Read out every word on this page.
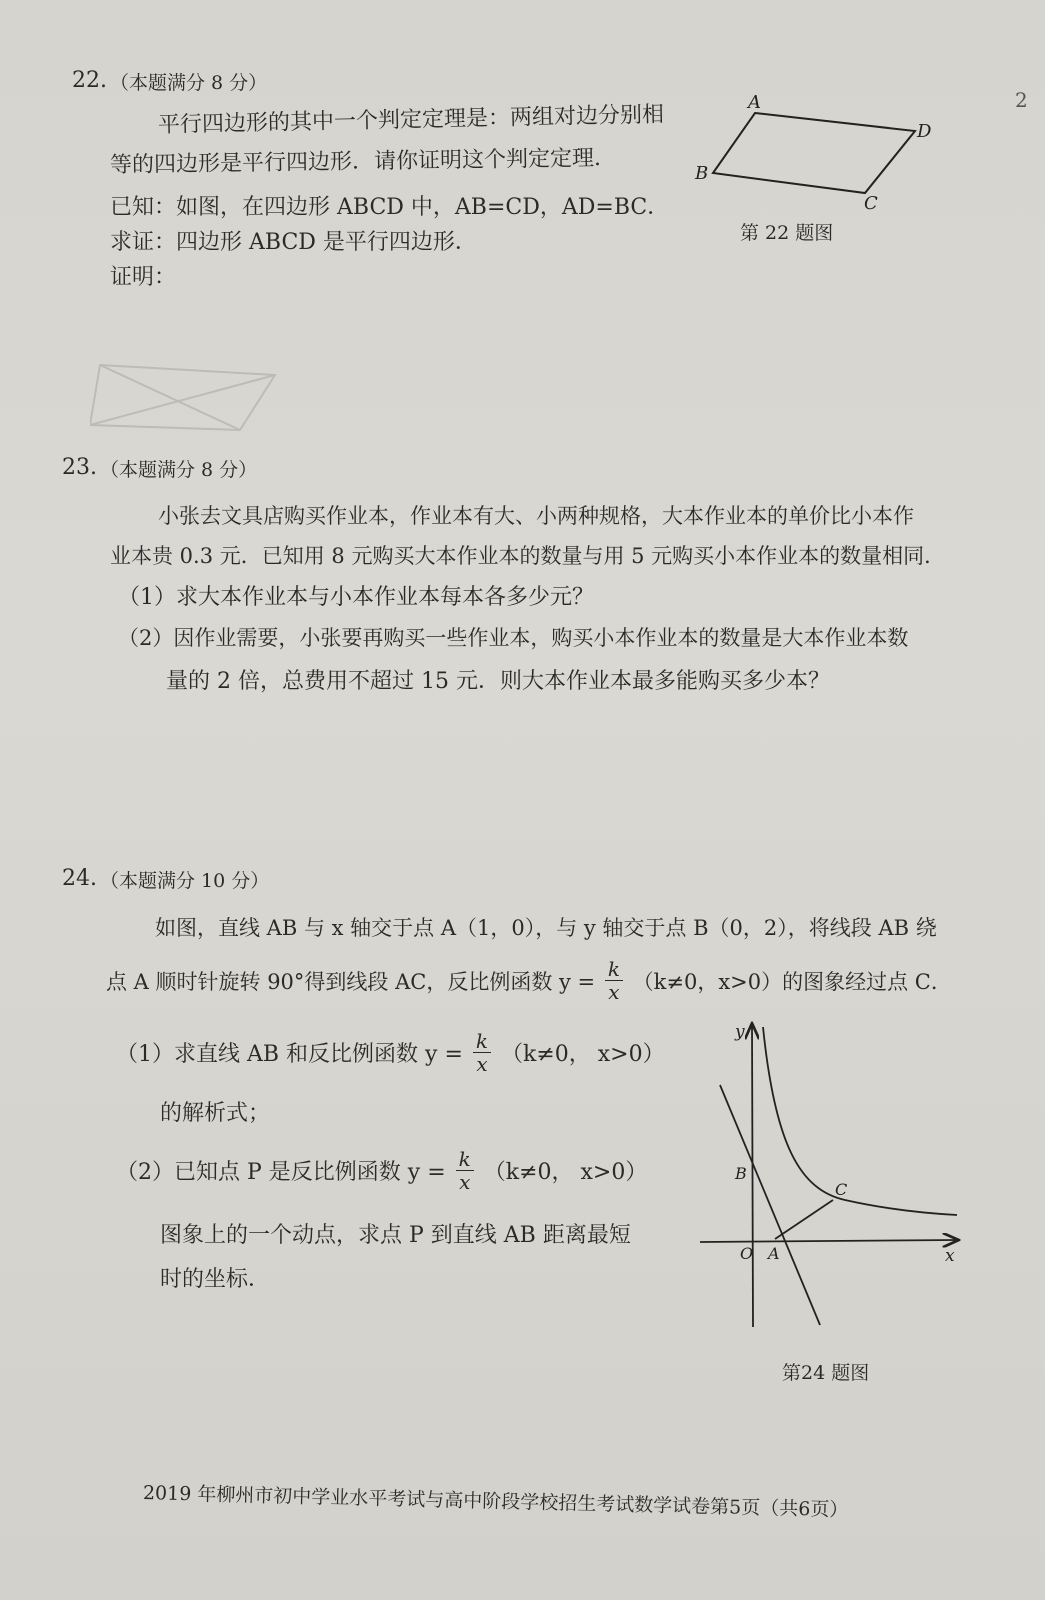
2
22. （本题满分 8 分）
平行四边形的其中一个判定定理是：两组对边分别相
等的四边形是平行四边形．请你证明这个判定定理．
已知：如图，在四边形 ABCD 中，AB=CD，AD=BC．
求证：四边形 ABCD 是平行四边形．
证明：
A
D
C
B
第 22 题图
23. （本题满分 8 分）
小张去文具店购买作业本，作业本有大、小两种规格，大本作业本的单价比小本作
业本贵 0.3 元．已知用 8 元购买大本作业本的数量与用 5 元购买小本作业本的数量相同．
（1）求大本作业本与小本作业本每本各多少元？
（2）因作业需要，小张要再购买一些作业本，购买小本作业本的数量是大本作业本数
量的 2 倍，总费用不超过 15 元．则大本作业本最多能购买多少本？
24. （本题满分 10 分）
如图，直线 AB 与 x 轴交于点 A（1，0），与 y 轴交于点 B（0，2），将线段 AB 绕
点 A 顺时针旋转 90°得到线段 AC，反比例函数 $y = \frac{k}{x} (k\ne 0$，x>0）的图象经过点 C．
（1）求直线 AB 和反比例函数 $y = \frac{k}{x} (k\ne 0$， x>0）
的解析式；
（2）已知点 P 是反比例函数 $y = \frac{k}{x} (k\ne 0$， x>0）
图象上的一个动点，求点 P 到直线 AB 距离最短
时的坐标．
y
x
O A
B
C
第24 题图
2019 年柳州市初中学业水平考试与高中阶段学校招生考试数学试卷第5页（共6页）
